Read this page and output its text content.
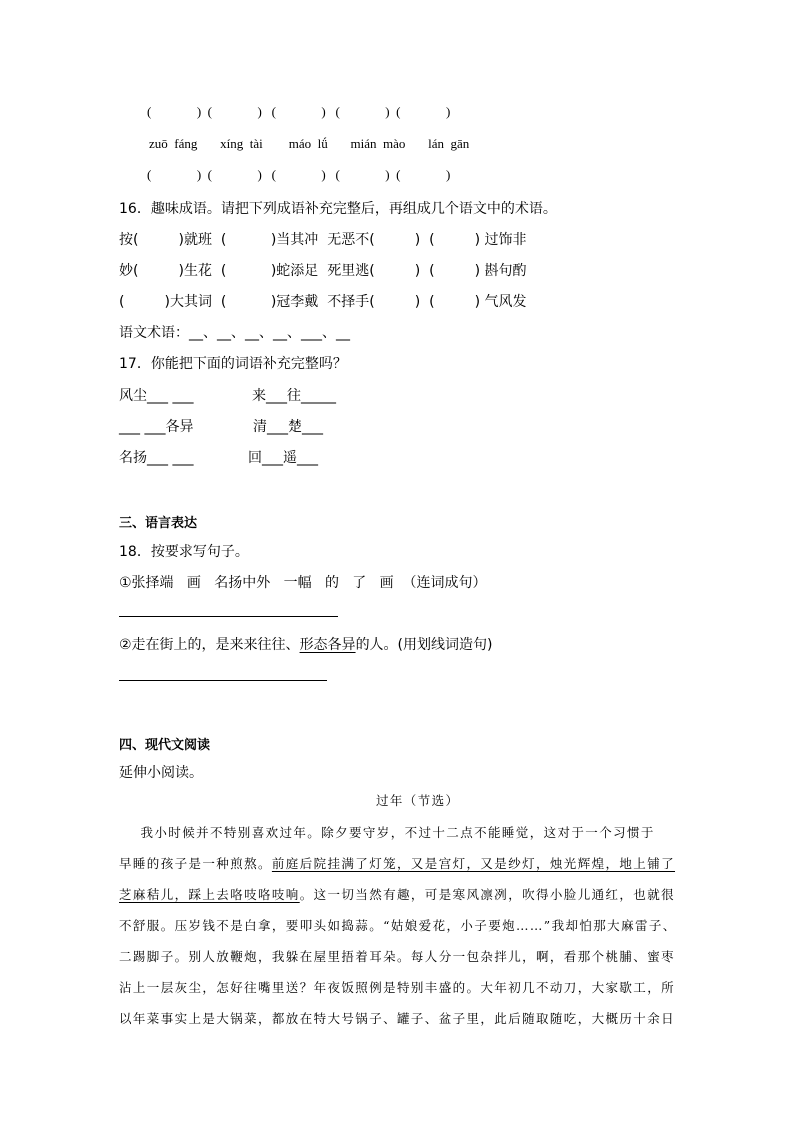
(              )  (              )   (              )   (              )  (              )
zuō  fáng       xíng  tài        máo  lǘ       mián  mào       lán  gān
(              )  (              )   (              )   (              )  (              )
16．趣味成语。请把下列成语补充完整后，再组成几个语文中的术语。
按(         )就班  (          )当其冲  无恶不(         )  (         ) 过饰非
妙(         )生花  (          )蛇添足  死里逃(         )  (         ) 斟句酌
(         )大其词  (          )冠李戴  不择手(         )  (         ) 气风发
语文术语：__、__、__、__、___、__
17．你能把下面的词语补充完整吗？
风尘___ ___	来___往_____
___ ___各异	清___楚___
名扬___ ___	回___遥___
三、语言表达
18．按要求写句子。
①张择端   画   名扬中外   一幅   的   了   画  （连词成句）
②走在街上的，是来来往往、形态各异的人。(用划线词造句)
四、现代文阅读
延伸小阅读。
过年（节选）
我小时候并不特别喜欢过年。除夕要守岁，不过十二点不能睡觉，这对于一个习惯于
早睡的孩子是一种煎熬。前庭后院挂满了灯笼，又是宫灯，又是纱灯，烛光辉煌，地上铺了
芝麻秸儿，踩上去咯吱咯吱响。这一切当然有趣，可是寒风凛冽，吹得小脸儿通红，也就很
不舒服。压岁钱不是白拿，要叩头如捣蒜。“姑娘爱花，小子要炮……”我却怕那大麻雷子、
二踢脚子。别人放鞭炮，我躲在屋里捂着耳朵。每人分一包杂拌儿，啊，看那个桃脯、蜜枣
沾上一层灰尘，怎好往嘴里送？年夜饭照例是特别丰盛的。大年初几不动刀，大家歇工，所
以年菜事实上是大锅菜，都放在特大号锅子、罐子、盆子里，此后随取随吃，大概历十余日
